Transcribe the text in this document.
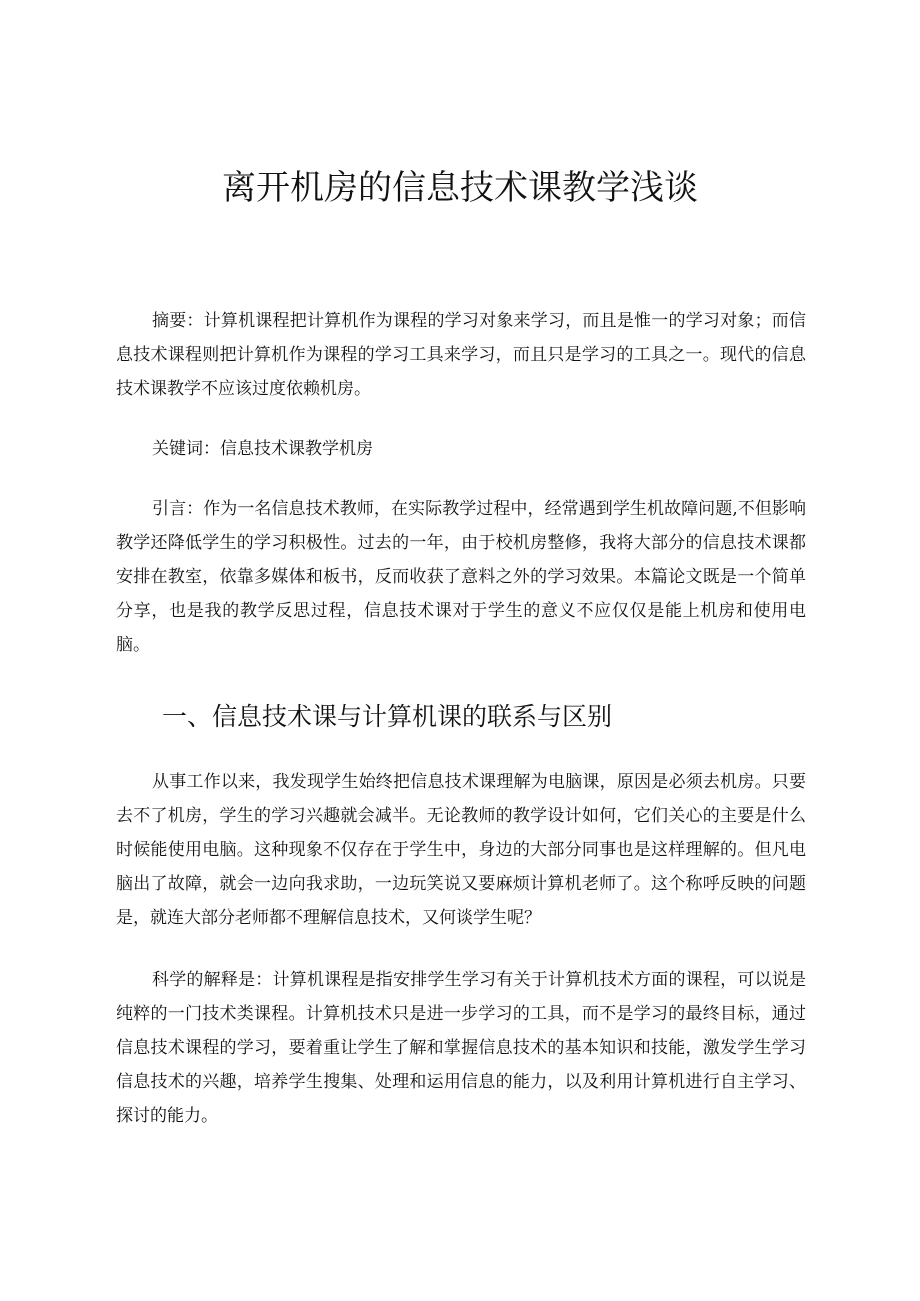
离开机房的信息技术课教学浅谈

摘要：计算机课程把计算机作为课程的学习对象来学习，而且是惟一的学习对象；而信息技术课程则把计算机作为课程的学习工具来学习，而且只是学习的工具之一。现代的信息技术课教学不应该过度依赖机房。

关键词：信息技术课教学机房

引言：作为一名信息技术教师，在实际教学过程中，经常遇到学生机故障问题,不但影响教学还降低学生的学习积极性。过去的一年，由于校机房整修，我将大部分的信息技术课都安排在教室，依靠多媒体和板书，反而收获了意料之外的学习效果。本篇论文既是一个简单分享，也是我的教学反思过程，信息技术课对于学生的意义不应仅仅是能上机房和使用电脑。

一、信息技术课与计算机课的联系与区别

从事工作以来，我发现学生始终把信息技术课理解为电脑课，原因是必须去机房。只要去不了机房，学生的学习兴趣就会减半。无论教师的教学设计如何，它们关心的主要是什么时候能使用电脑。这种现象不仅存在于学生中，身边的大部分同事也是这样理解的。但凡电脑出了故障，就会一边向我求助，一边玩笑说又要麻烦计算机老师了。这个称呼反映的问题是，就连大部分老师都不理解信息技术，又何谈学生呢？

科学的解释是：计算机课程是指安排学生学习有关于计算机技术方面的课程，可以说是纯粹的一门技术类课程。计算机技术只是进一步学习的工具，而不是学习的最终目标，通过信息技术课程的学习，要着重让学生了解和掌握信息技术的基本知识和技能，激发学生学习信息技术的兴趣，培养学生搜集、处理和运用信息的能力，以及利用计算机进行自主学习、探讨的能力。
